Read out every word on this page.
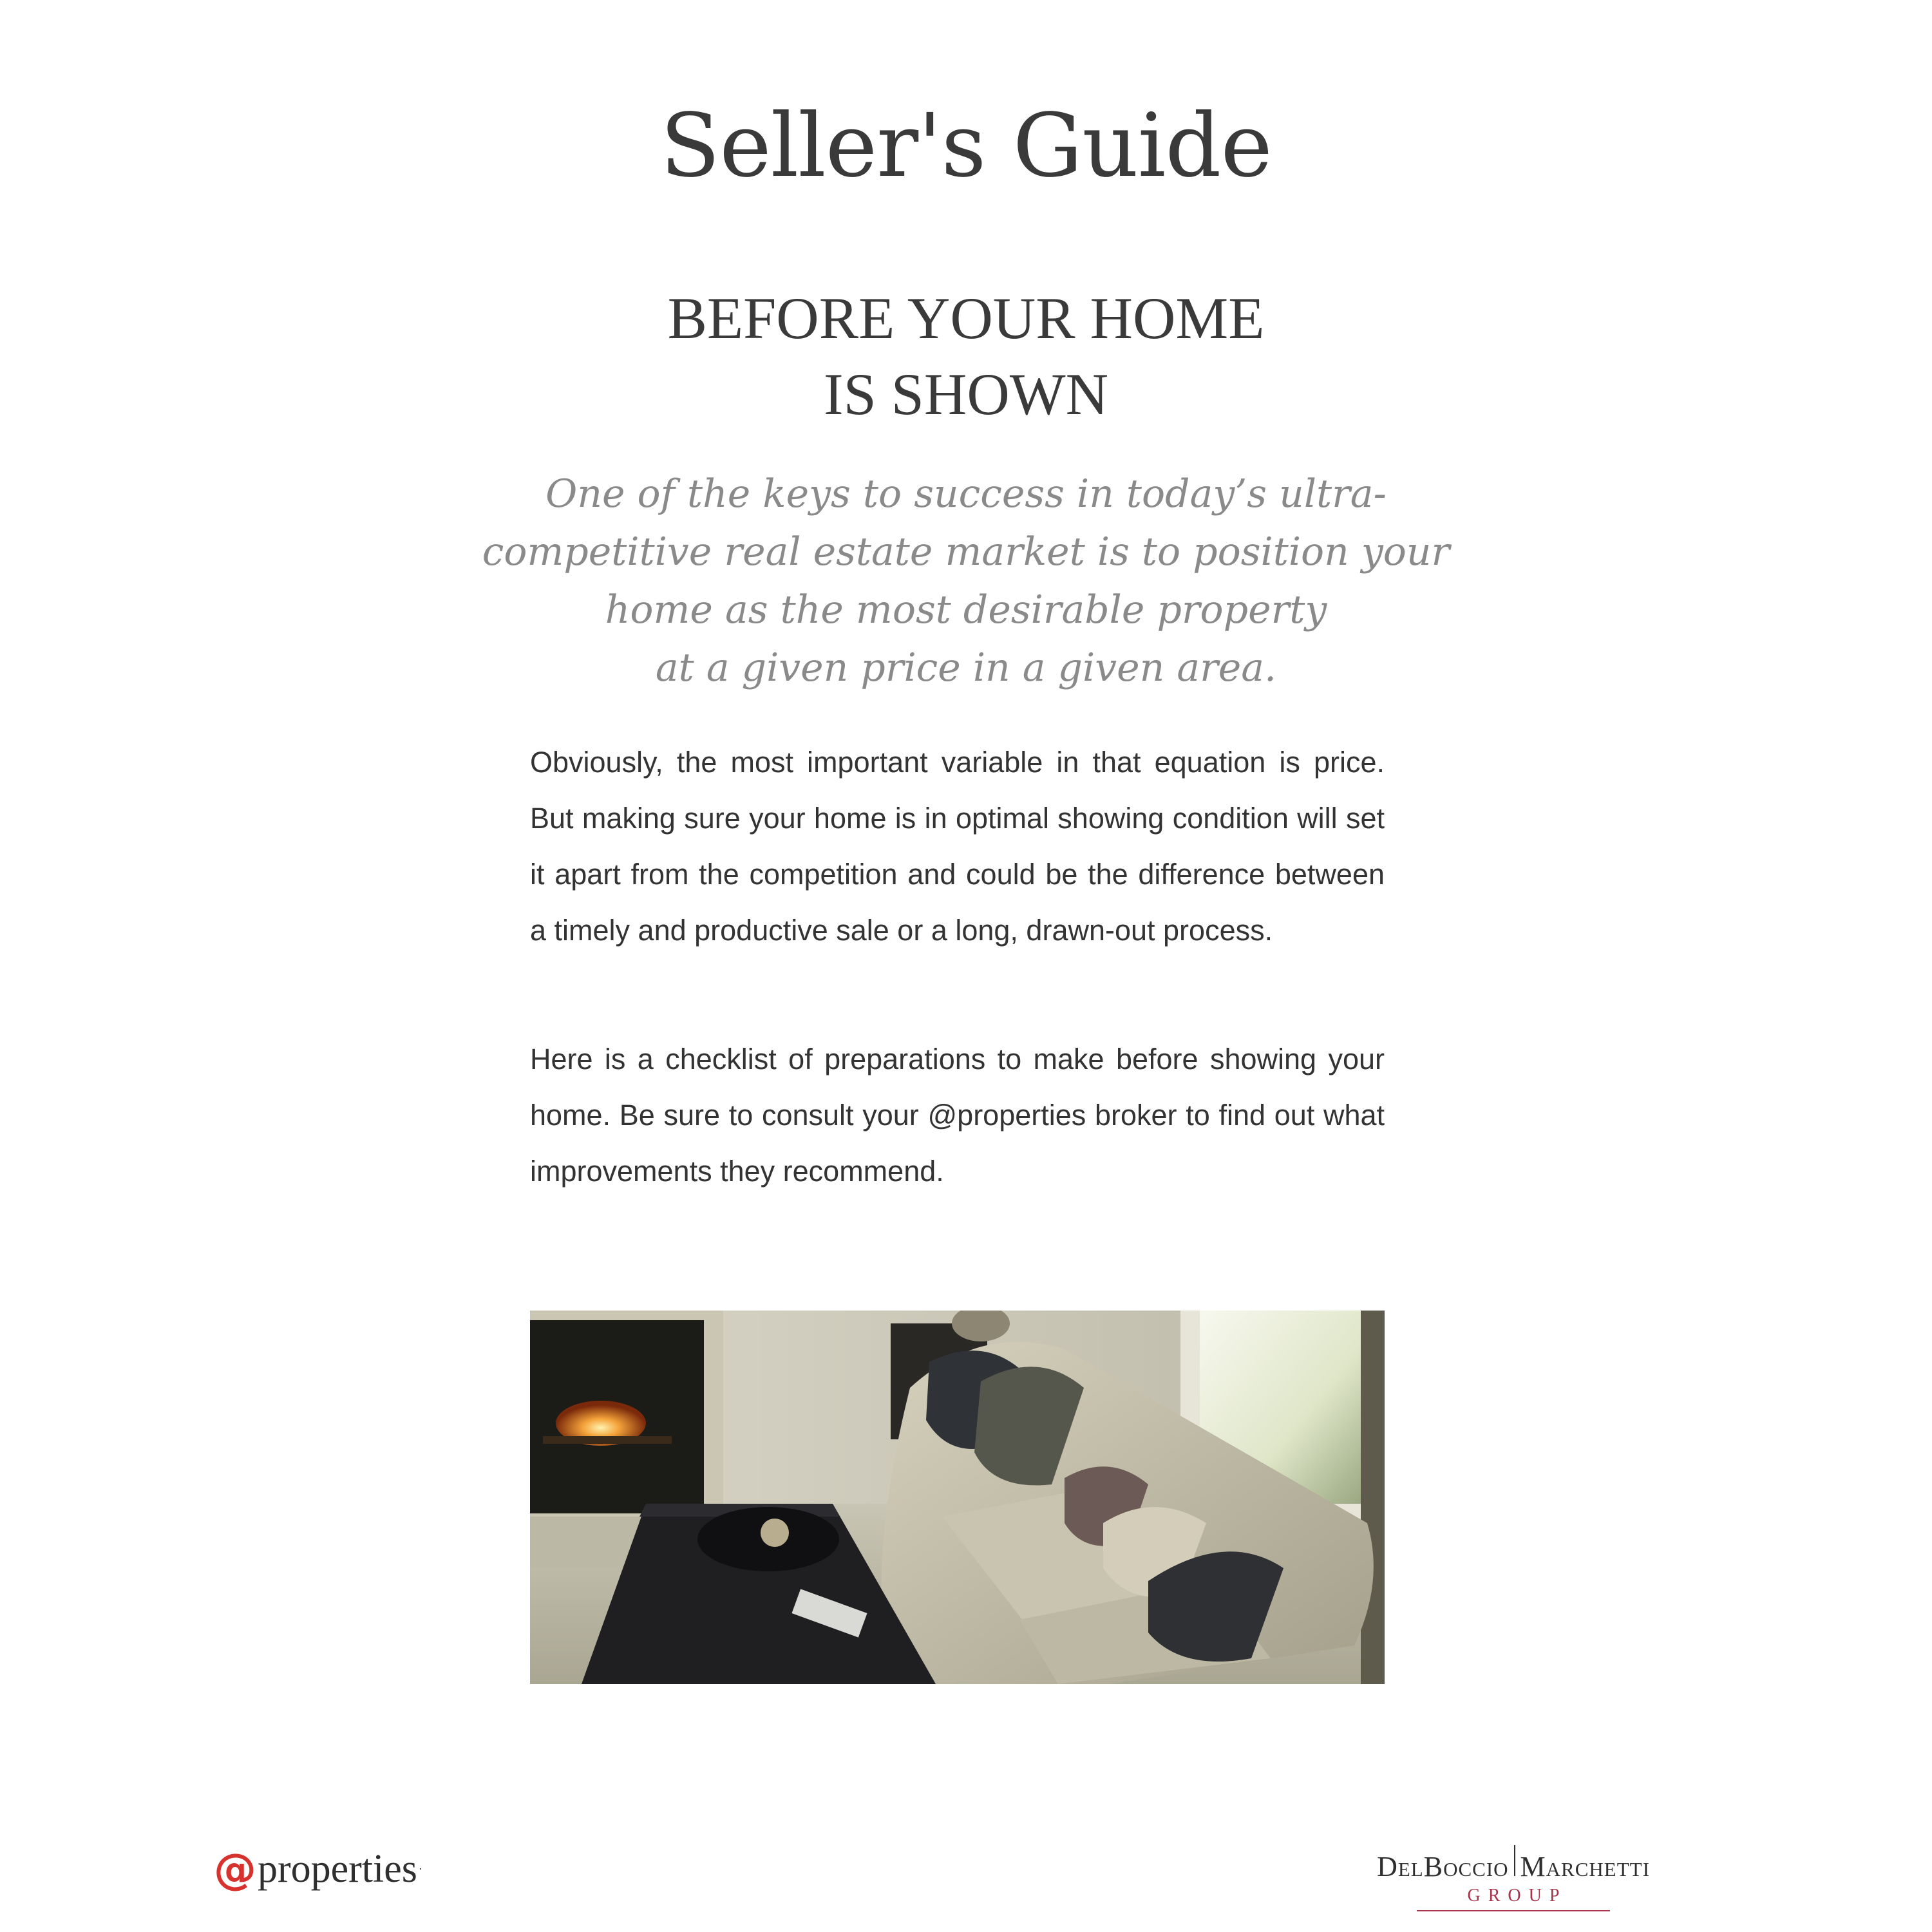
Seller's Guide
BEFORE YOUR HOME
IS SHOWN

One of the keys to success in today’s ultra-
competitive real estate market is to position your
home as the most desirable property
at a given price in a given area.

Obviously, the most important variable in that equation is price. But making sure your home is in optimal showing condition will set it apart from the competition and could be the difference between a timely and productive sale or a long, drawn-out process.

Here is a checklist of preparations to make before showing your home. Be sure to consult your @properties broker to find out what improvements they recommend.

@ properties ·	DelBoccio Marchetti
GROUP
